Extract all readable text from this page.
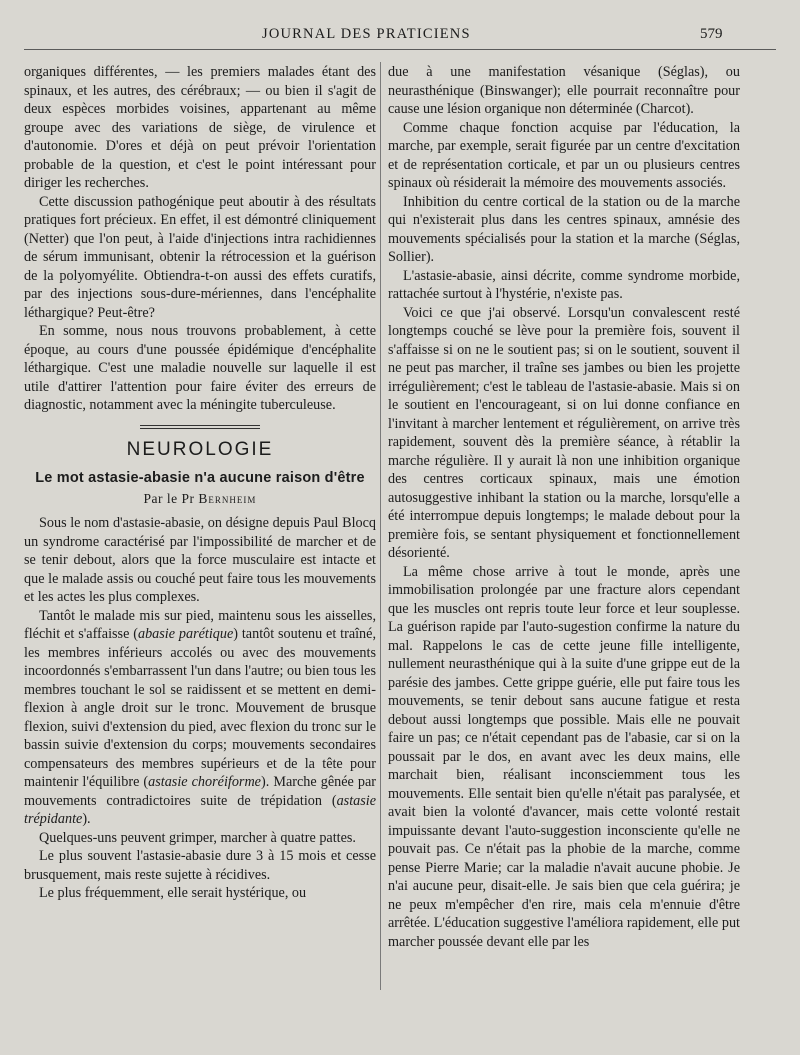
JOURNAL DES PRATICIENS	579

organiques différentes, — les premiers malades étant des spinaux, et les autres, des cérébraux; — ou bien il s'agit de deux espèces morbides voisines, appartenant au même groupe avec des variations de siège, de virulence et d'autonomie. D'ores et déjà on peut prévoir l'orientation probable de la question, et c'est le point intéressant pour diriger les recherches.

Cette discussion pathogénique peut aboutir à des résultats pratiques fort précieux. En effet, il est démontré cliniquement (Netter) que l'on peut, à l'aide d'injections intra rachidiennes de sérum immunisant, obtenir la rétrocession et la guérison de la polyomyélite. Obtiendra-t-on aussi des effets curatifs, par des injections sous-dure-mériennes, dans l'encéphalite léthargique? Peut-être?

En somme, nous nous trouvons probablement, à cette époque, au cours d'une poussée épidémique d'encéphalite léthargique. C'est une maladie nouvelle sur laquelle il est utile d'attirer l'attention pour faire éviter des erreurs de diagnostic, notamment avec la méningite tuberculeuse.

NEUROLOGIE
Le mot astasie-abasie n'a aucune raison d'être
Par le Pr Bernheim

Sous le nom d'astasie-abasie, on désigne depuis Paul Blocq un syndrome caractérisé par l'impossibilité de marcher et de se tenir debout, alors que la force musculaire est intacte et que le malade assis ou couché peut faire tous les mouvements et les actes les plus complexes.

Tantôt le malade mis sur pied, maintenu sous les aisselles, fléchit et s'affaisse (abasie parétique) tantôt soutenu et traîné, les membres inférieurs accolés ou avec des mouvements incoordonnés s'embarrassent l'un dans l'autre; ou bien tous les membres touchant le sol se raidissent et se mettent en demi-flexion à angle droit sur le tronc. Mouvement de brusque flexion, suivi d'extension du pied, avec flexion du tronc sur le bassin suivie d'extension du corps; mouvements secondaires compensateurs des membres supérieurs et de la tête pour maintenir l'équilibre (astasie choréiforme). Marche gênée par mouvements contradictoires suite de trépidation (astasie trépidante).

Quelques-uns peuvent grimper, marcher à quatre pattes.

Le plus souvent l'astasie-abasie dure 3 à 15 mois et cesse brusquement, mais reste sujette à récidives.

Le plus fréquemment, elle serait hystérique, ou

due à une manifestation vésanique (Séglas), ou neurasthénique (Binswanger); elle pourrait reconnaître pour cause une lésion organique non déterminée (Charcot).

Comme chaque fonction acquise par l'éducation, la marche, par exemple, serait figurée par un centre d'excitation et de représentation corticale, et par un ou plusieurs centres spinaux où résiderait la mémoire des mouvements associés.

Inhibition du centre cortical de la station ou de la marche qui n'existerait plus dans les centres spinaux, amnésie des mouvements spécialisés pour la station et la marche (Séglas, Sollier).

L'astasie-abasie, ainsi décrite, comme syndrome morbide, rattachée surtout à l'hystérie, n'existe pas.

Voici ce que j'ai observé. Lorsqu'un convalescent resté longtemps couché se lève pour la première fois, souvent il s'affaisse si on ne le soutient pas; si on le soutient, souvent il ne peut pas marcher, il traîne ses jambes ou bien les projette irrégulièrement; c'est le tableau de l'astasie-abasie. Mais si on le soutient en l'encourageant, si on lui donne confiance en l'invitant à marcher lentement et régulièrement, on arrive très rapidement, souvent dès la première séance, à rétablir la marche régulière. Il y aurait là non une inhibition organique des centres corticaux spinaux, mais une émotion autosuggestive inhibant la station ou la marche, lorsqu'elle a été interrompue depuis longtemps; le malade debout pour la première fois, se sentant physiquement et fonctionnellement désorienté.

La même chose arrive à tout le monde, après une immobilisation prolongée par une fracture alors cependant que les muscles ont repris toute leur force et leur souplesse. La guérison rapide par l'auto-sugestion confirme la nature du mal. Rappelons le cas de cette jeune fille intelligente, nullement neurasthénique qui à la suite d'une grippe eut de la parésie des jambes. Cette grippe guérie, elle put faire tous les mouvements, se tenir debout sans aucune fatigue et resta debout aussi longtemps que possible. Mais elle ne pouvait faire un pas; ce n'était cependant pas de l'abasie, car si on la poussait par le dos, en avant avec les deux mains, elle marchait bien, réalisant inconsciemment tous les mouvements. Elle sentait bien qu'elle n'était pas paralysée, et avait bien la volonté d'avancer, mais cette volonté restait impuissante devant l'auto-suggestion inconsciente qu'elle ne pouvait pas. Ce n'était pas la phobie de la marche, comme pense Pierre Marie; car la maladie n'avait aucune phobie. Je n'ai aucune peur, disait-elle. Je sais bien que cela guérira; je ne peux m'empêcher d'en rire, mais cela m'ennuie d'être arrêtée. L'éducation suggestive l'améliora rapidement, elle put marcher poussée devant elle par les
